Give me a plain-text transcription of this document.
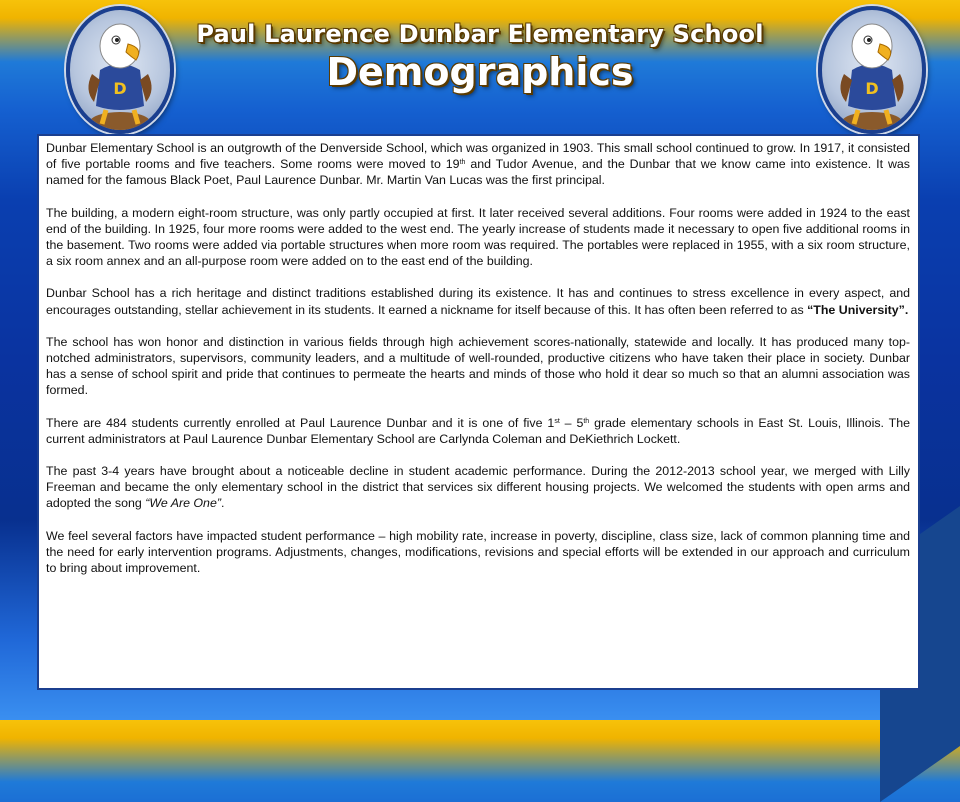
D	D
Paul Laurence Dunbar Elementary School
Demographics

Dunbar Elementary School is an outgrowth of the Denverside School, which was organized in 1903. This small school continued to grow. In 1917, it consisted of five portable rooms and five teachers. Some rooms were moved to 19th and Tudor Avenue, and the Dunbar that we know came into existence. It was named for the famous Black Poet, Paul Laurence Dunbar. Mr. Martin Van Lucas was the first principal.

The building, a modern eight-room structure, was only partly occupied at first. It later received several additions. Four rooms were added in 1924 to the east end of the building. In 1925, four more rooms were added to the west end. The yearly increase of students made it necessary to open five additional rooms in the basement. Two rooms were added via portable structures when more room was required. The portables were replaced in 1955, with a six room structure, a six room annex and an all-purpose room were added on to the east end of the building.

Dunbar School has a rich heritage and distinct traditions established during its existence. It has and continues to stress excellence in every aspect, and encourages outstanding, stellar achievement in its students. It earned a nickname for itself because of this. It has often been referred to as “The University”.

The school has won honor and distinction in various fields through high achievement scores-nationally, statewide and locally. It has produced many top-notched administrators, supervisors, community leaders, and a multitude of well-rounded, productive citizens who have taken their place in society. Dunbar has a sense of school spirit and pride that continues to permeate the hearts and minds of those who hold it dear so much so that an alumni association was formed.

There are 484 students currently enrolled at Paul Laurence Dunbar and it is one of five 1st – 5th grade elementary schools in East St. Louis, Illinois. The current administrators at Paul Laurence Dunbar Elementary School are Carlynda Coleman and DeKiethrich Lockett.

The past 3-4 years have brought about a noticeable decline in student academic performance. During the 2012-2013 school year, we merged with Lilly Freeman and became the only elementary school in the district that services six different housing projects. We welcomed the students with open arms and adopted the song “We Are One”.

We feel several factors have impacted student performance – high mobility rate, increase in poverty, discipline, class size, lack of common planning time and the need for early intervention programs. Adjustments, changes, modifications, revisions and special efforts will be extended in our approach and curriculum to bring about improvement.
